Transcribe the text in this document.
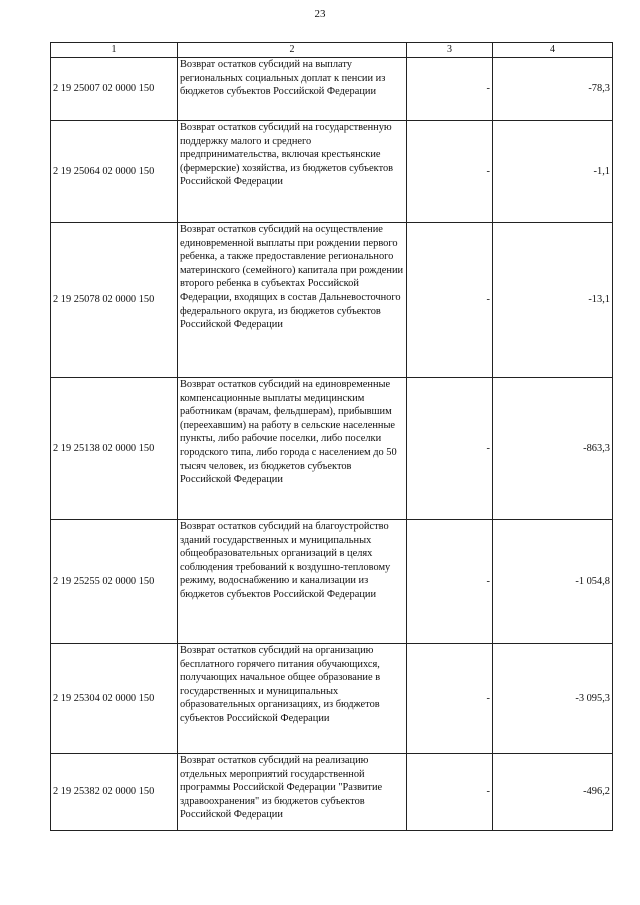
23
1	2	3	4
2 19 25007 02 0000 150	Возврат остатков субсидий на выплату региональных социальных доплат к пенсии из бюджетов субъектов Российской Федерации	-	-78,3
2 19 25064 02 0000 150	Возврат остатков субсидий на государственную поддержку малого и среднего предпринимательства, включая крестьянские (фермерские) хозяйства, из бюджетов субъектов Российской Федерации	-	-1,1
2 19 25078 02 0000 150	Возврат остатков субсидий на осуществление единовременной выплаты при рождении первого ребенка, а также предоставление регионального материнского (семейного) капитала при рождении второго ребенка в субъектах Российской Федерации, входящих в состав Дальневосточного федерального округа, из бюджетов субъектов Российской Федерации	-	-13,1
2 19 25138 02 0000 150	Возврат остатков субсидий на единовременные компенсационные выплаты медицинским работникам (врачам, фельдшерам), прибывшим (переехавшим) на работу в сельские населенные пункты, либо рабочие поселки, либо поселки городского типа, либо города с населением до 50 тысяч человек, из бюджетов субъектов Российской Федерации	-	-863,3
2 19 25255 02 0000 150	Возврат остатков субсидий на благоустройство зданий государственных и муниципальных общеобразовательных организаций в целях соблюдения требований к воздушно-тепловому режиму, водоснабжению и канализации из бюджетов субъектов Российской Федерации	-	-1 054,8
2 19 25304 02 0000 150	Возврат остатков субсидий на организацию бесплатного горячего питания обучающихся, получающих начальное общее образование в государственных и муниципальных образовательных организациях, из бюджетов субъектов Российской Федерации	-	-3 095,3
2 19 25382 02 0000 150	Возврат остатков субсидий на реализацию отдельных мероприятий государственной программы Российской Федерации "Развитие здравоохранения" из бюджетов субъектов Российской Федерации	-	-496,2
